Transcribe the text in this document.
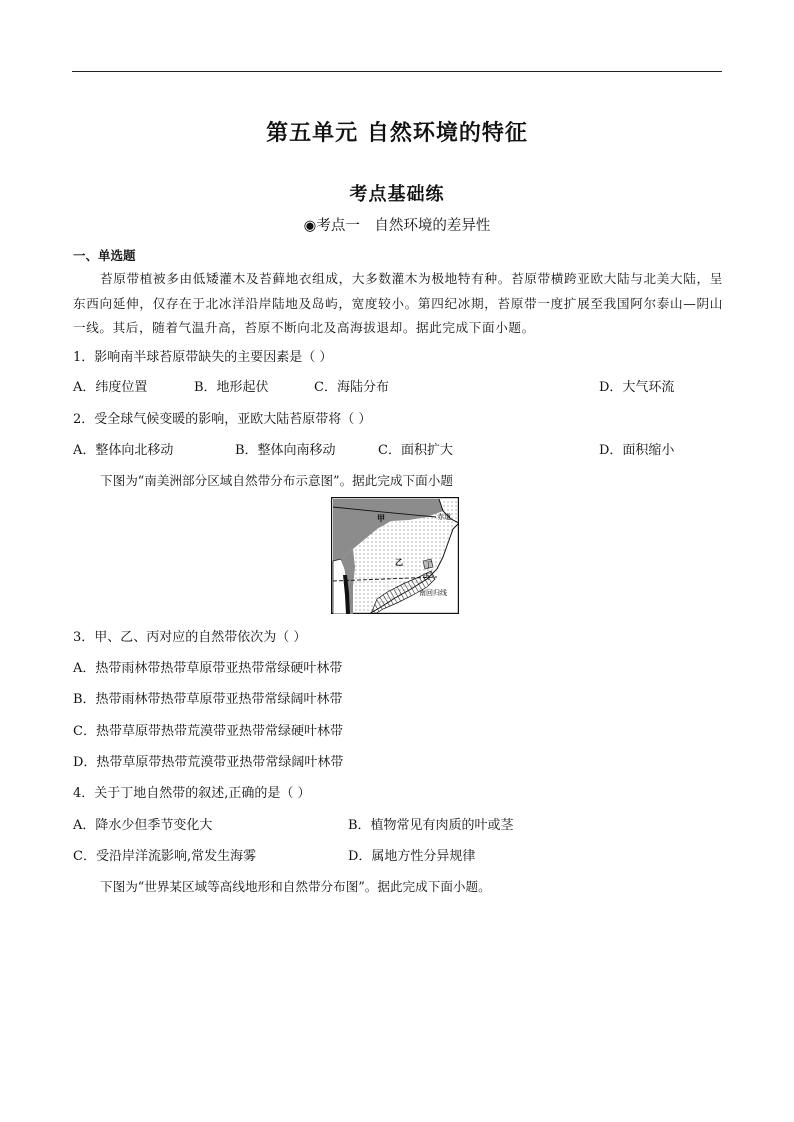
第五单元 自然环境的特征
考点基础练
◉考点一　自然环境的差异性
一、单选题
苔原带植被多由低矮灌木及苔藓地衣组成，大多数灌木为极地特有种。苔原带横跨亚欧大陆与北美大陆，呈东西向延伸，仅存在于北冰洋沿岸陆地及岛屿，宽度较小。第四纪冰期，苔原带一度扩展至我国阿尔泰山—阴山一线。其后，随着气温升高，苔原不断向北及高海拔退却。据此完成下面小题。
1．影响南半球苔原带缺失的主要因素是（ ）
A．纬度位置	B．地形起伏	C．海陆分布	D．大气环流
2．受全球气候变暖的影响，亚欧大陆苔原带将（ ）
A．整体向北移动	B．整体向南移动	C．面积扩大	D．面积缩小
下图为“南美洲部分区域自然带分布示意图”。据此完成下面小题
甲	赤道
乙	丁
丙
南回归线
3．甲、乙、丙对应的自然带依次为（ ）
A．热带雨林带热带草原带亚热带常绿硬叶林带
B．热带雨林带热带草原带亚热带常绿阔叶林带
C．热带草原带热带荒漠带亚热带常绿硬叶林带
D．热带草原带热带荒漠带亚热带常绿阔叶林带
4．关于丁地自然带的叙述,正确的是（ ）
A．降水少但季节变化大	B．植物常见有肉质的叶或茎
C．受沿岸洋流影响,常发生海雾	D．属地方性分异规律
下图为“世界某区域等高线地形和自然带分布图”。据此完成下面小题。
